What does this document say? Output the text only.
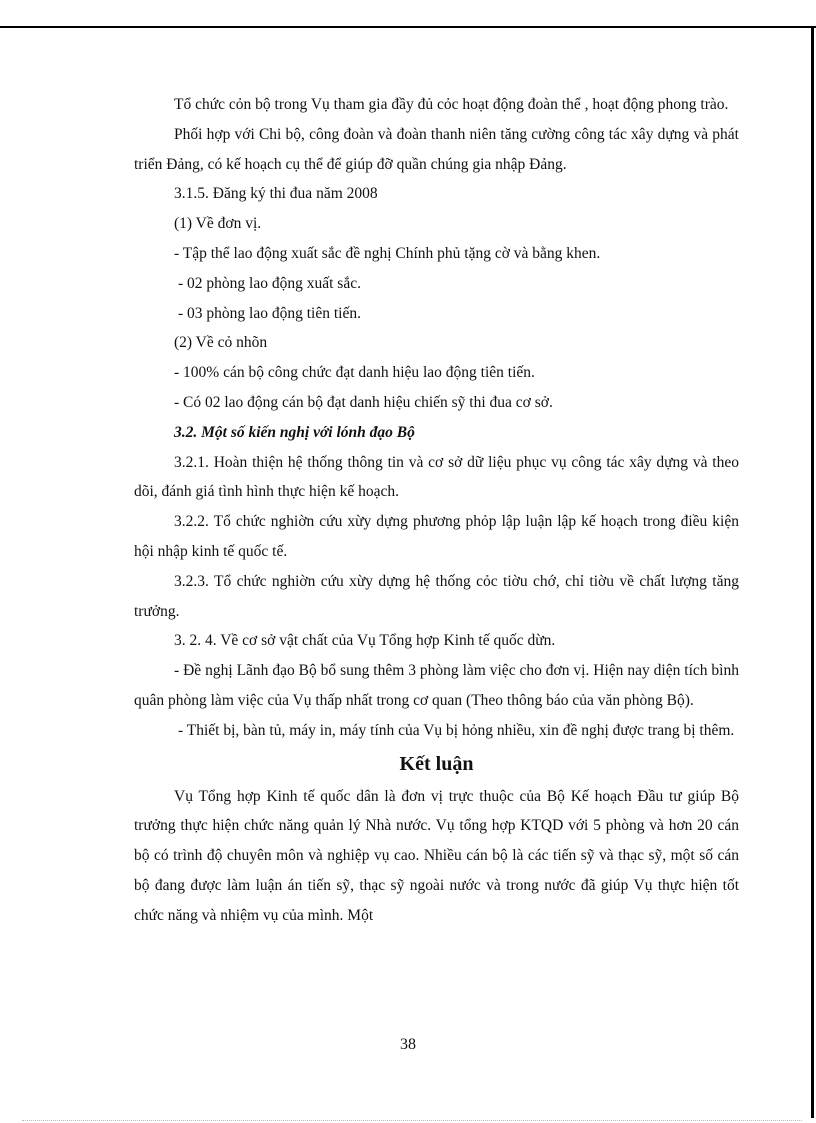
Tổ chức cỏn bộ trong Vụ tham gia đầy đủ cỏc hoạt động đoàn thể , hoạt động phong trào.

Phối hợp với Chi bộ, công đoàn và đoàn thanh niên tăng cường công tác xây dựng và phát triển Đảng, có kế hoạch cụ thể để giúp đỡ quần chúng gia nhập Đảng.

3.1.5. Đăng ký thi đua năm 2008

(1) Về đơn vị.

- Tập thể lao động xuất sắc đề nghị Chính phủ tặng cờ và bằng khen.

- 02 phòng lao động xuất sắc.

- 03 phòng lao động tiên tiến.

(2) Về cỏ nhõn

- 100% cán bộ công chức đạt danh hiệu lao động tiên tiến.

- Có 02 lao động cán bộ đạt danh hiệu chiến sỹ thi đua cơ sở.

3.2. Một số kiến nghị với lónh đạo Bộ

3.2.1. Hoàn thiện hệ thống thông tin và cơ sở dữ liệu phục vụ công tác xây dựng và theo dõi, đánh giá tình hình thực hiện kế hoạch.

3.2.2. Tổ chức nghiờn cứu xừy dựng phương phỏp lập luận lập kế hoạch trong điều kiện hội nhập kinh tế quốc tế.

3.2.3. Tổ chức nghiờn cứu xừy dựng hệ thống cỏc tiờu chớ, chỉ tiờu về chất lượng tăng trưởng.

3. 2. 4. Về cơ sở vật chất của Vụ Tổng hợp Kinh tế quốc dừn.

- Đề nghị Lãnh đạo Bộ bổ sung thêm 3 phòng làm việc cho đơn vị. Hiện nay diện tích bình quân phòng làm việc của Vụ thấp nhất trong cơ quan (Theo thông báo của văn phòng Bộ).

- Thiết bị, bàn tủ, máy in, máy tính của Vụ bị hỏng nhiều, xin đề nghị được trang bị thêm.

Kết luận

Vụ Tổng hợp Kinh tế quốc dân là đơn vị trực thuộc của Bộ Kế hoạch Đầu tư giúp Bộ trưởng thực hiện chức năng quản lý Nhà nước. Vụ tổng hợp KTQD với 5 phòng và hơn 20 cán bộ có trình độ chuyên môn và nghiệp vụ cao. Nhiều cán bộ là các tiến sỹ và thạc sỹ, một số cán bộ đang được làm luận án tiến sỹ, thạc sỹ ngoài nước và trong nước đã giúp Vụ thực hiện tốt chức năng và nhiệm vụ của mình. Một

38
